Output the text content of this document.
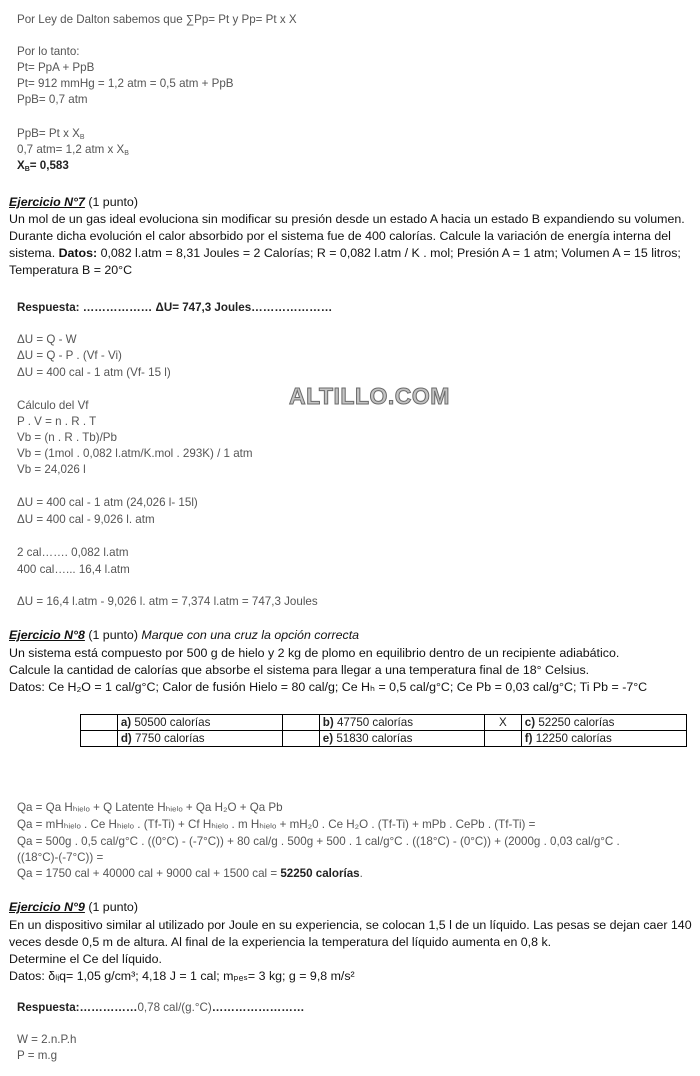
Por Ley de Dalton sabemos que ∑Pp= Pt y Pp= Pt x X
Por lo tanto:
Pt= PpA + PpB
Pt= 912 mmHg = 1,2 atm = 0,5 atm + PpB
PpB= 0,7 atm
PpB= Pt x $X_B$
0,7 atm= 1,2 atm x $X_B$
$X_B= 0,583$
Ejercicio N°7 (1 punto)
Un mol de un gas ideal evoluciona sin modificar su presión desde un estado A hacia un estado B expandiendo su volumen.
Durante dicha evolución el calor absorbido por el sistema fue de 400 calorías. Calcule la variación de energía interna del
sistema. Datos: 0,082 l.atm = 8,31 Joules = 2 Calorías; R = 0,082 l.atm / K . mol; Presión A = 1 atm; Volumen A = 15 litros;
Temperatura B = 20°C
Respuesta: ……………… ΔU= 747,3 Joules…………………
ΔU = Q - W
ΔU = Q - P . (Vf - Vi)
ΔU = 400 cal - 1 atm (Vf- 15 l)
Cálculo del Vf
P . V = n . R . T
Vb = (n . R . Tb)/Pb
Vb = (1mol . 0,082 l.atm/K.mol . 293K) / 1 atm
Vb = 24,026 l
ΔU = 400 cal - 1 atm (24,026 l- 15l)
ΔU = 400 cal - 9,026 l. atm
2 cal……. 0,082 l.atm
400 cal…... 16,4 l.atm
ΔU = 16,4 l.atm - 9,026 l. atm = 7,374 l.atm = 747,3 Joules
ALTILLO.COM
Ejercicio N°8 (1 punto) Marque con una cruz la opción correcta
Un sistema está compuesto por 500 g de hielo y 2 kg de plomo en equilibrio dentro de un recipiente adiabático.
Calcule la cantidad de calorías que absorbe el sistema para llegar a una temperatura final de 18° Celsius.
Datos: Ce H₂O = 1 cal/g°C; Calor de fusión Hielo = 80 cal/g; Ce Hₕ = 0,5 cal/g°C; Ce Pb = 0,03 cal/g°C; Ti Pb = -7°C
	a) 50500 calorías		b) 47750 calorías	X	c) 52250 calorías
	d) 7750 calorías		e) 51830 calorías		f) 12250 calorías
Qa = Qa Hₕᵢₑₗₒ + Q Latente Hₕᵢₑₗₒ + Qa H₂O + Qa Pb
Qa = mHₕᵢₑₗₒ . Ce Hₕᵢₑₗₒ . (Tf-Ti) + Cf Hₕᵢₑₗₒ . m Hₕᵢₑₗₒ + mH₂0 . Ce H₂O . (Tf-Ti) + mPb . CePb . (Tf-Ti) =
Qa = 500g . 0,5 cal/g°C . ((0°C) - (-7°C)) + 80 cal/g . 500g + 500 . 1 cal/g°C . ((18°C) - (0°C)) + (2000g . 0,03 cal/g°C .
((18°C)-(-7°C)) =
Qa = 1750 cal + 40000 cal + 9000 cal + 1500 cal = 52250 calorías.
Ejercicio N°9 (1 punto)
En un dispositivo similar al utilizado por Joule en su experiencia, se colocan 1,5 l de un líquido. Las pesas se dejan caer 140
veces desde 0,5 m de altura. Al final de la experiencia la temperatura del líquido aumenta en 0,8 k.
Determine el Ce del líquido.
Datos: δₗᵢq= 1,05 g/cm³; 4,18 J = 1 cal; mₚₑₛ= 3 kg; g = 9,8 m/s²
Respuesta:……………0,78 cal/(g.°C)……………………
W = 2.n.P.h
P = m.g
